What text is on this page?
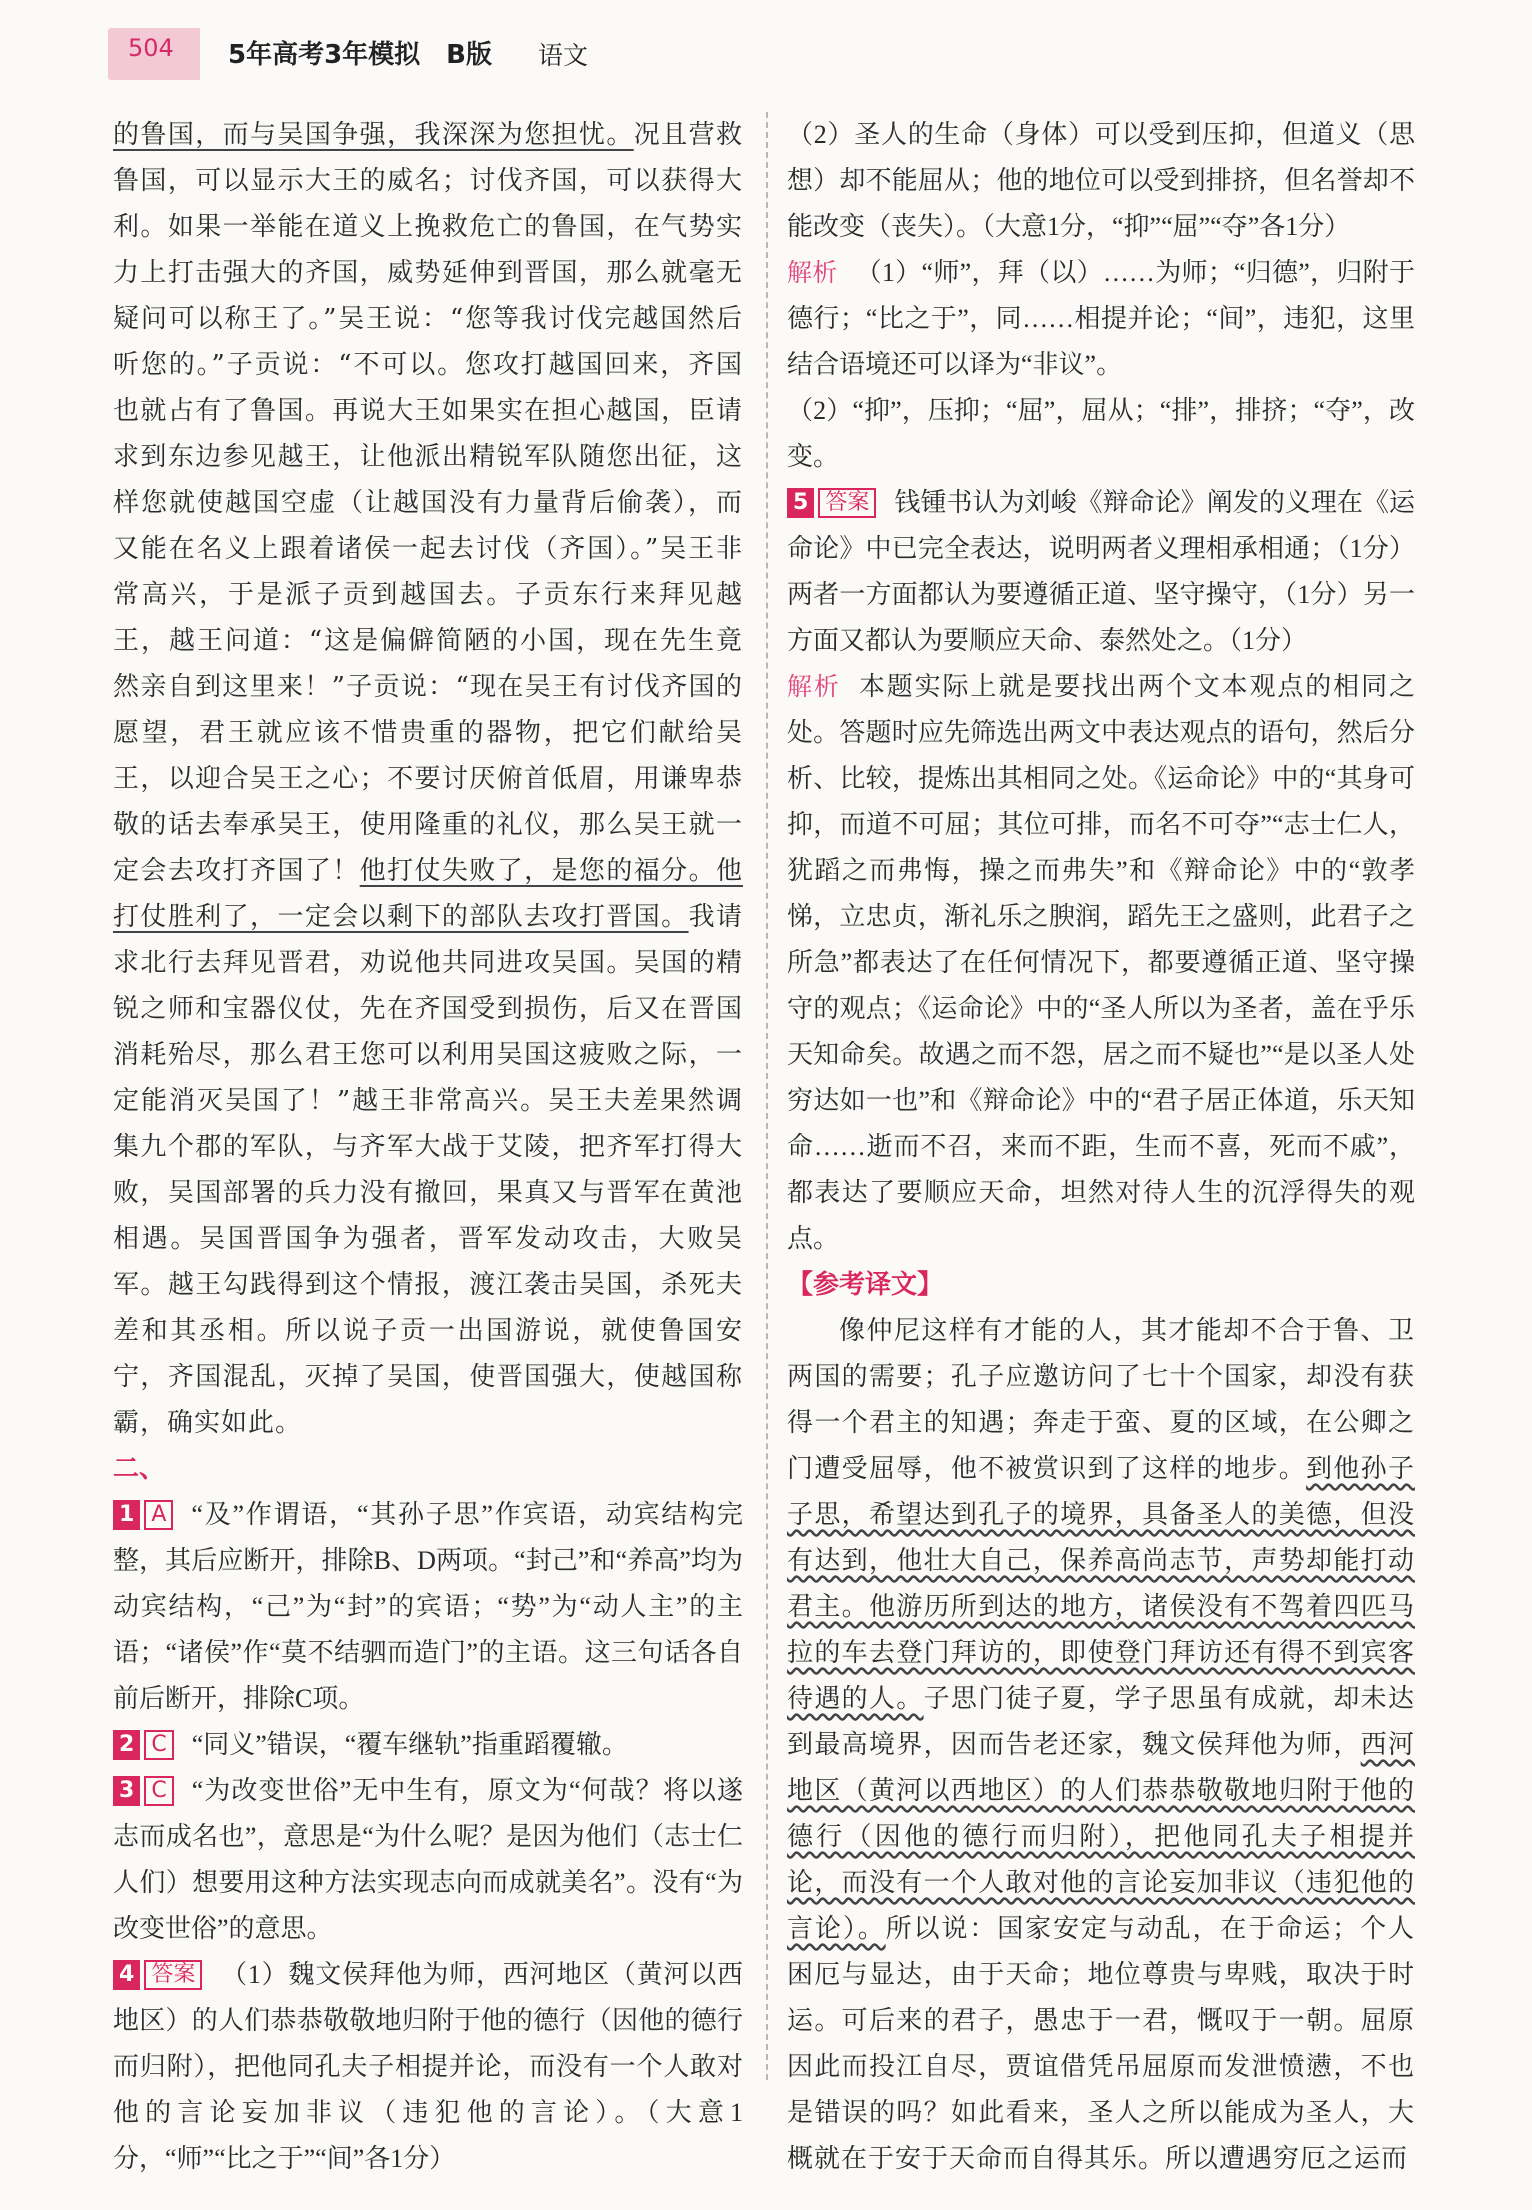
504 5年高考3年模拟　B版 语文

的鲁国，而与吴国争强，我深深为您担忧。况且营救鲁国，可以显示大王的威名；讨伐齐国，可以获得大利。如果一举能在道义上挽救危亡的鲁国，在气势实力上打击强大的齐国，威势延伸到晋国，那么就毫无疑问可以称王了。”吴王说：“您等我讨伐完越国然后听您的。”子贡说：“不可以。您攻打越国回来，齐国也就占有了鲁国。再说大王如果实在担心越国，臣请求到东边参见越王，让他派出精锐军队随您出征，这样您就使越国空虚（让越国没有力量背后偷袭），而又能在名义上跟着诸侯一起去讨伐（齐国）。”吴王非常高兴，于是派子贡到越国去。子贡东行来拜见越王，越王问道：“这是偏僻简陋的小国，现在先生竟然亲自到这里来！”子贡说：“现在吴王有讨伐齐国的愿望，君王就应该不惜贵重的器物，把它们献给吴王，以迎合吴王之心；不要讨厌俯首低眉，用谦卑恭敬的话去奉承吴王，使用隆重的礼仪，那么吴王就一定会去攻打齐国了！他打仗失败了，是您的福分。他打仗胜利了，一定会以剩下的部队去攻打晋国。我请求北行去拜见晋君，劝说他共同进攻吴国。吴国的精锐之师和宝器仪仗，先在齐国受到损伤，后又在晋国消耗殆尽，那么君王您可以利用吴国这疲败之际，一定能消灭吴国了！”越王非常高兴。吴王夫差果然调集九个郡的军队，与齐军大战于艾陵，把齐军打得大败，吴国部署的兵力没有撤回，果真又与晋军在黄池相遇。吴国晋国争为强者，晋军发动攻击，大败吴军。越王勾践得到这个情报，渡江袭击吴国，杀死夫差和其丞相。所以说子贡一出国游说，就使鲁国安宁，齐国混乱，灭掉了吴国，使晋国强大，使越国称霸，确实如此。

二、

1 A “及”作谓语，“其孙子思”作宾语，动宾结构完整，其后应断开，排除B、D两项。“封己”和“养高”均为动宾结构，“己”为“封”的宾语；“势”为“动人主”的主语；“诸侯”作“莫不结驷而造门”的主语。这三句话各自前后断开，排除C项。

2 C “同义”错误，“覆车继轨”指重蹈覆辙。

3 C “为改变世俗”无中生有，原文为“何哉？将以遂志而成名也”，意思是“为什么呢？是因为他们（志士仁人们）想要用这种方法实现志向而成就美名”。没有“为改变世俗”的意思。

4 答案 （1）魏文侯拜他为师，西河地区（黄河以西地区）的人们恭恭敬敬地归附于他的德行（因他的德行而归附），把他同孔夫子相提并论，而没有一个人敢对他的言论妄加非议（违犯他的言论）。（大意1分，“师”“比之于”“间”各1分）

（2）圣人的生命（身体）可以受到压抑，但道义（思想）却不能屈从；他的地位可以受到排挤，但名誉却不能改变（丧失）。（大意1分，“抑”“屈”“夺”各1分）

解析 （1）“师”，拜（以）……为师；“归德”，归附于德行；“比之于”，同……相提并论；“间”，违犯，这里结合语境还可以译为“非议”。

（2）“抑”，压抑；“屈”，屈从；“排”，排挤；“夺”，改变。

5 答案 钱锺书认为刘峻《辩命论》阐发的义理在《运命论》中已完全表达，说明两者义理相承相通；（1分）两者一方面都认为要遵循正道、坚守操守，（1分）另一方面又都认为要顺应天命、泰然处之。（1分）

解析 本题实际上就是要找出两个文本观点的相同之处。答题时应先筛选出两文中表达观点的语句，然后分析、比较，提炼出其相同之处。《运命论》中的“其身可抑，而道不可屈；其位可排，而名不可夺”“志士仁人，犹蹈之而弗悔，操之而弗失”和《辩命论》中的“敦孝悌，立忠贞，渐礼乐之腴润，蹈先王之盛则，此君子之所急”都表达了在任何情况下，都要遵循正道、坚守操守的观点；《运命论》中的“圣人所以为圣者，盖在乎乐天知命矣。故遇之而不怨，居之而不疑也”“是以圣人处穷达如一也”和《辩命论》中的“君子居正体道，乐天知命……逝而不召，来而不距，生而不喜，死而不戚”，都表达了要顺应天命，坦然对待人生的沉浮得失的观点。

【参考译文】

像仲尼这样有才能的人，其才能却不合于鲁、卫两国的需要；孔子应邀访问了七十个国家，却没有获得一个君主的知遇；奔走于蛮、夏的区域，在公卿之门遭受屈辱，他不被赏识到了这样的地步。到他孙子子思，希望达到孔子的境界，具备圣人的美德，但没有达到，他壮大自己，保养高尚志节，声势却能打动君主。他游历所到达的地方，诸侯没有不驾着四匹马拉的车去登门拜访的，即使登门拜访还有得不到宾客待遇的人。子思门徒子夏，学子思虽有成就，却未达到最高境界，因而告老还家，魏文侯拜他为师，西河地区（黄河以西地区）的人们恭恭敬敬地归附于他的德行（因他的德行而归附），把他同孔夫子相提并论，而没有一个人敢对他的言论妄加非议（违犯他的言论）。所以说：国家安定与动乱，在于命运；个人困厄与显达，由于天命；地位尊贵与卑贱，取决于时运。可后来的君子，愚忠于一君，慨叹于一朝。屈原因此而投江自尽，贾谊借凭吊屈原而发泄愤懑，不也是错误的吗？如此看来，圣人之所以能成为圣人，大概就在于安于天命而自得其乐。所以遭遇穷厄之运而
